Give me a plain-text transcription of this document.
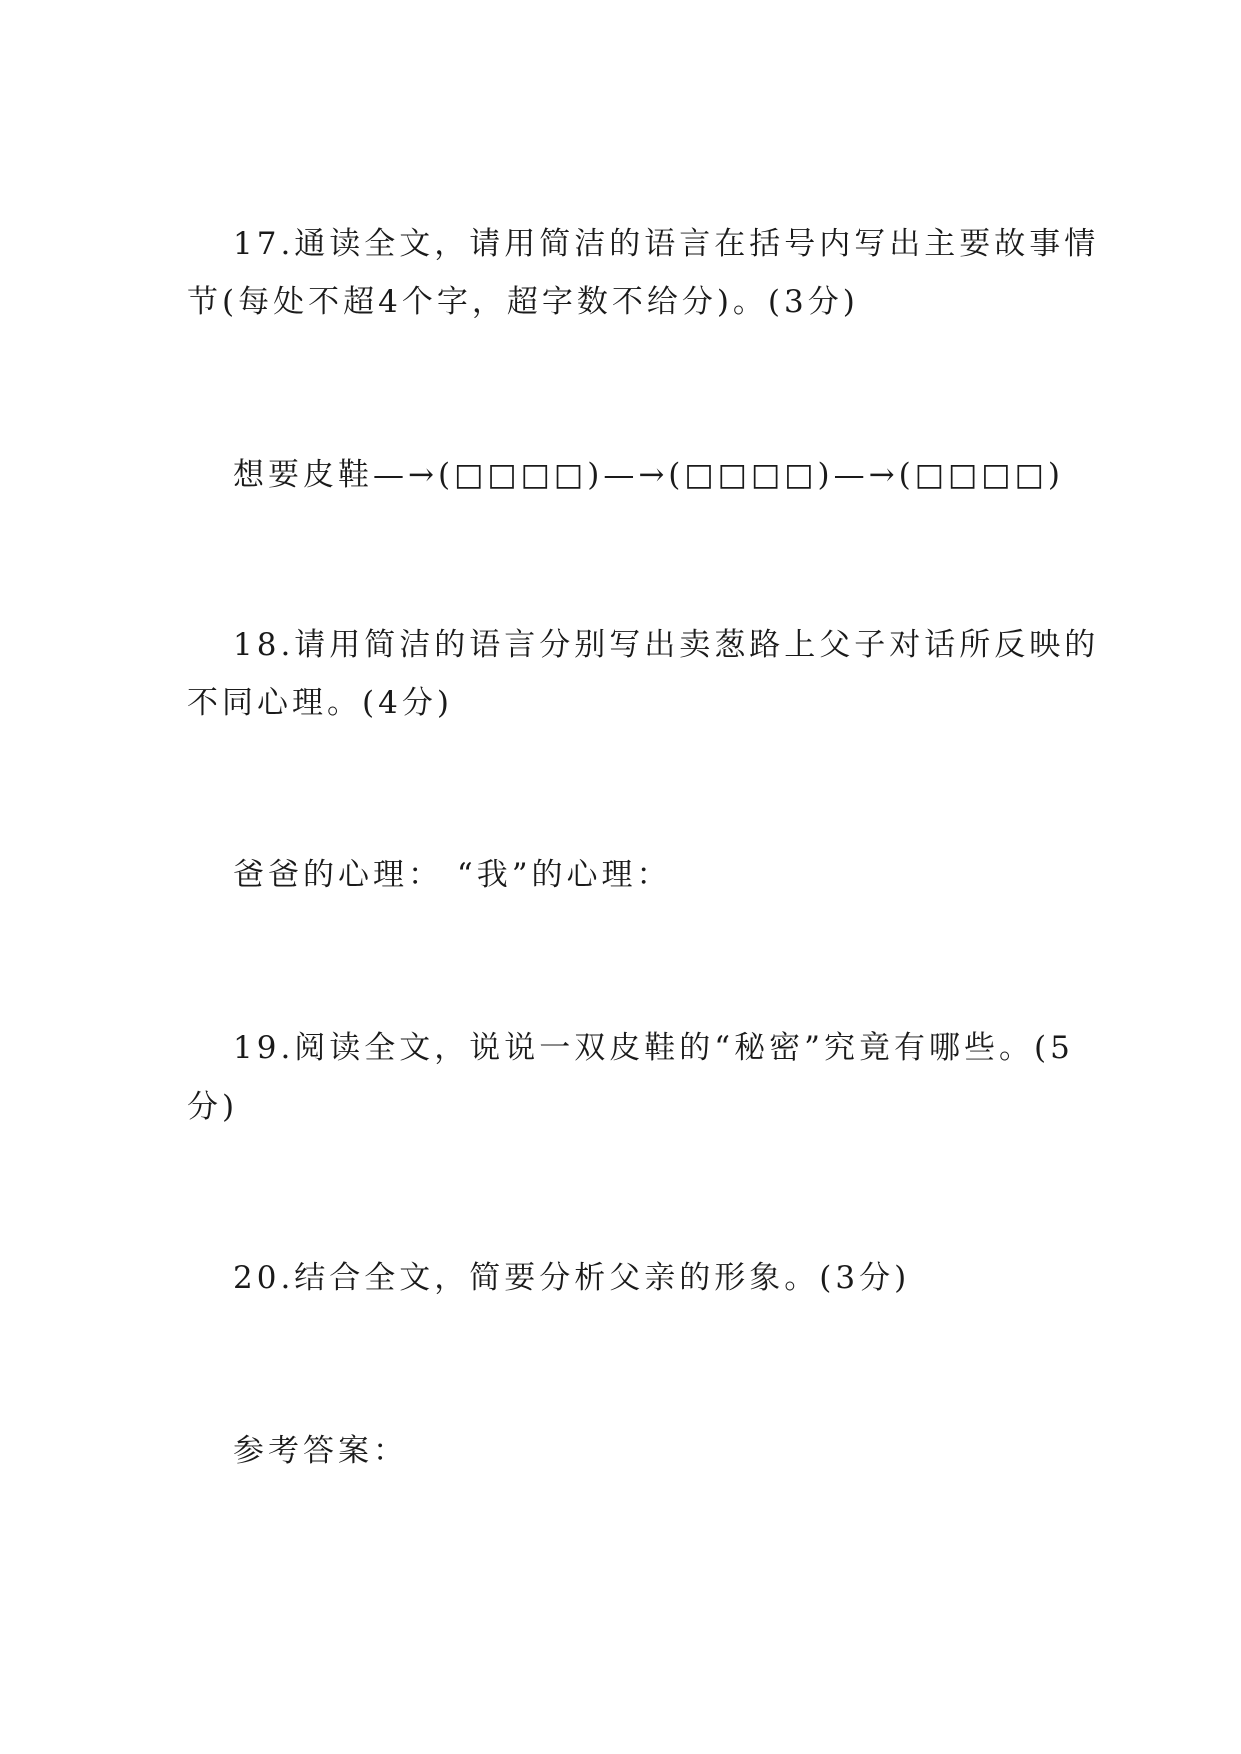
17.通读全文，请用简洁的语言在括号内写出主要故事情
节(每处不超4个字，超字数不给分)。(3分)
想要皮鞋—→(□□□□)—→(□□□□)—→(□□□□)
18.请用简洁的语言分别写出卖葱路上父子对话所反映的
不同心理。(4分)
爸爸的心理： “我”的心理：
19.阅读全文，说说一双皮鞋的“秘密”究竟有哪些。(5
分)
20.结合全文，简要分析父亲的形象。(3分)
参考答案：
